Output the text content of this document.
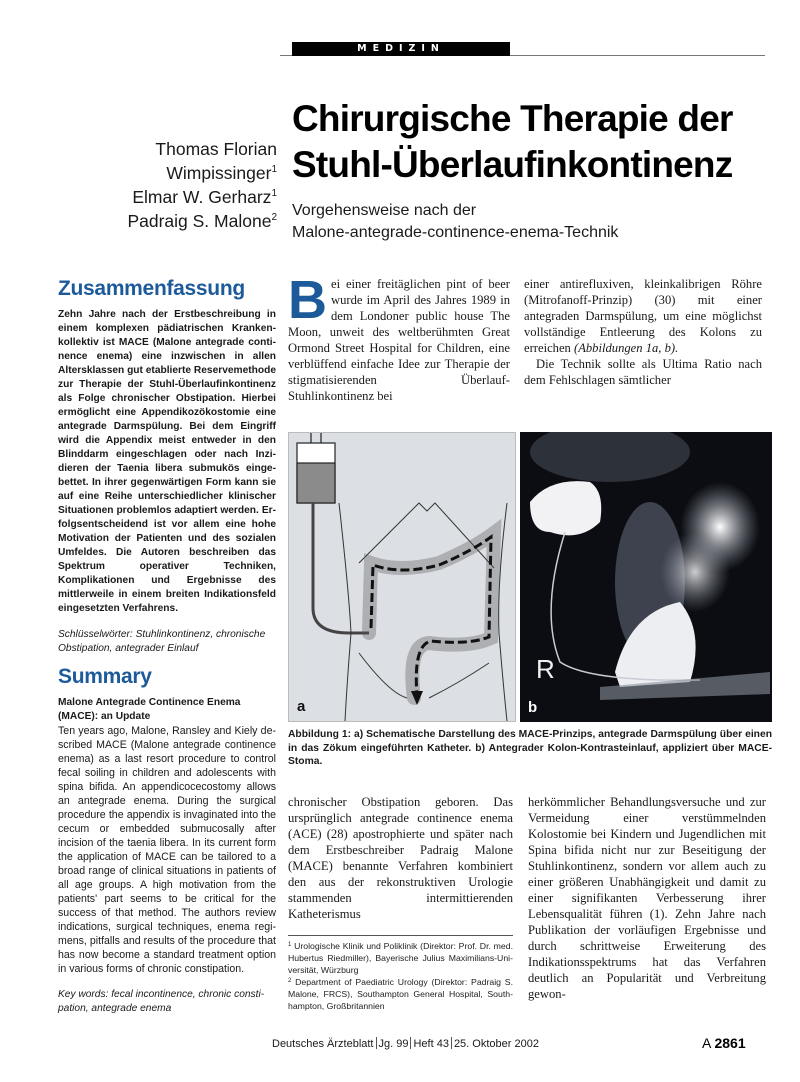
MEDIZIN
Thomas Florian
Wimpissinger$^1$
Elmar W. Gerharz$^1$
Padraig S. Malone$^2$
Chirurgische Therapie der
Stuhl-Überlaufinkontinenz
Vorgehensweise nach der
Malone-antegrade-continence-enema-Technik
Zusammenfassung

Zehn Jahre nach der Erstbeschreibung in einem komplexen pädiatrischen Krankenkollektiv ist MACE (Malone antegrade continence enema) eine inzwischen in allen Altersklassen gut etablierte Reservemethode zur Therapie der Stuhl-Überlaufinkontinenz als Folge chronischer Obstipation. Hierbei ermöglicht eine Appendikozökostomie eine antegrade Darmspülung. Bei dem Eingriff wird die Appendix meist entweder in den Blinddarm eingeschlagen oder nach Inzidieren der Taenia libera submukös eingebettet. In ihrer gegenwärtigen Form kann sie auf eine Reihe unterschiedlicher klinischer Situationen problemlos adaptiert werden. Erfolgsentscheidend ist vor allem eine hohe Motivation der Patienten und des sozialen Umfeldes. Die Autoren beschreiben das Spektrum operativer Techniken, Komplikationen und Ergebnisse des mittlerweile in einem breiten Indikationsfeld eingesetzten Verfahrens.

Schlüsselwörter: Stuhlinkontinenz, chronische Obstipation, antegrader Einlauf

Summary

Malone Antegrade Continence Enema (MACE): an Update

Ten years ago, Malone, Ransley and Kiely described MACE (Malone antegrade continence enema) as a last resort procedure to control fecal soiling in children and adolescents with spina bifida. An appendicocecostomy allows an antegrade enema. During the surgical procedure the appendix is invaginated into the cecum or embedded submucosally after incision of the taenia libera. In its current form the application of MACE can be tailored to a broad range of clinical situations in patients of all age groups. A high motivation from the patients' part seems to be critical for the success of that method. The authors review indications, surgical techniques, enema regimens, pitfalls and results of the procedure that has now become a standard treatment option in various forms of chronic constipation.

Key words: fecal incontinence, chronic constipation, antegrade enema

B ei einer freitäglichen pint of beer wurde im April des Jahres 1989 in dem Londoner public house The Moon, unweit des weltberühmten Great Ormond Street Hospital for Children, eine verblüffend einfache Idee zur Therapie der stigmatisierenden Überlauf-Stuhlinkontinenz bei

einer antirefluxiven, kleinkalibrigen Röhre (Mitrofanoff-Prinzip) (30) mit einer antegraden Darmspülung, um eine möglichst vollständige Entleerung des Kolons zu erreichen (Abbildungen 1a, b).

Die Technik sollte als Ultima Ratio nach dem Fehlschlagen sämtlicher

a
R
b
Abbildung 1: a) Schematische Darstellung des MACE-Prinzips, antegrade Darmspülung über einen in das Zökum eingeführten Katheter. b) Antegrader Kolon-Kontrasteinlauf, appliziert über MACE-Stoma.

chronischer Obstipation geboren. Das ursprünglich antegrade continence enema (ACE) (28) apostrophierte und später nach dem Erstbeschreiber Padraig Malone (MACE) benannte Verfahren kombiniert den aus der rekonstruktiven Urologie stammenden intermittierenden Katheterismus

herkömmlicher Behandlungsversuche und zur Vermeidung einer verstümmelnden Kolostomie bei Kindern und Jugendlichen mit Spina bifida nicht nur zur Beseitigung der Stuhlinkontinenz, sondern vor allem auch zu einer größeren Unabhängigkeit und damit zu einer signifikanten Verbesserung ihrer Lebensqualität führen (1). Zehn Jahre nach Publikation der vorläufigen Ergebnisse und durch schrittweise Erweiterung des Indikationsspektrums hat das Verfahren deutlich an Popularität und Verbreitung gewon-

$^1$ Urologische Klinik und Poliklinik (Direktor: Prof. Dr. med. Hubertus Riedmiller), Bayerische Julius Maximilians-Universität, Würzburg

$^2$ Department of Paediatric Urology (Direktor: Padraig S. Malone, FRCS), Southampton General Hospital, Southhampton, Großbritannien

Deutsches Ärzteblatt Jg. 99 Heft 43 25. Oktober 2002	A 2861
